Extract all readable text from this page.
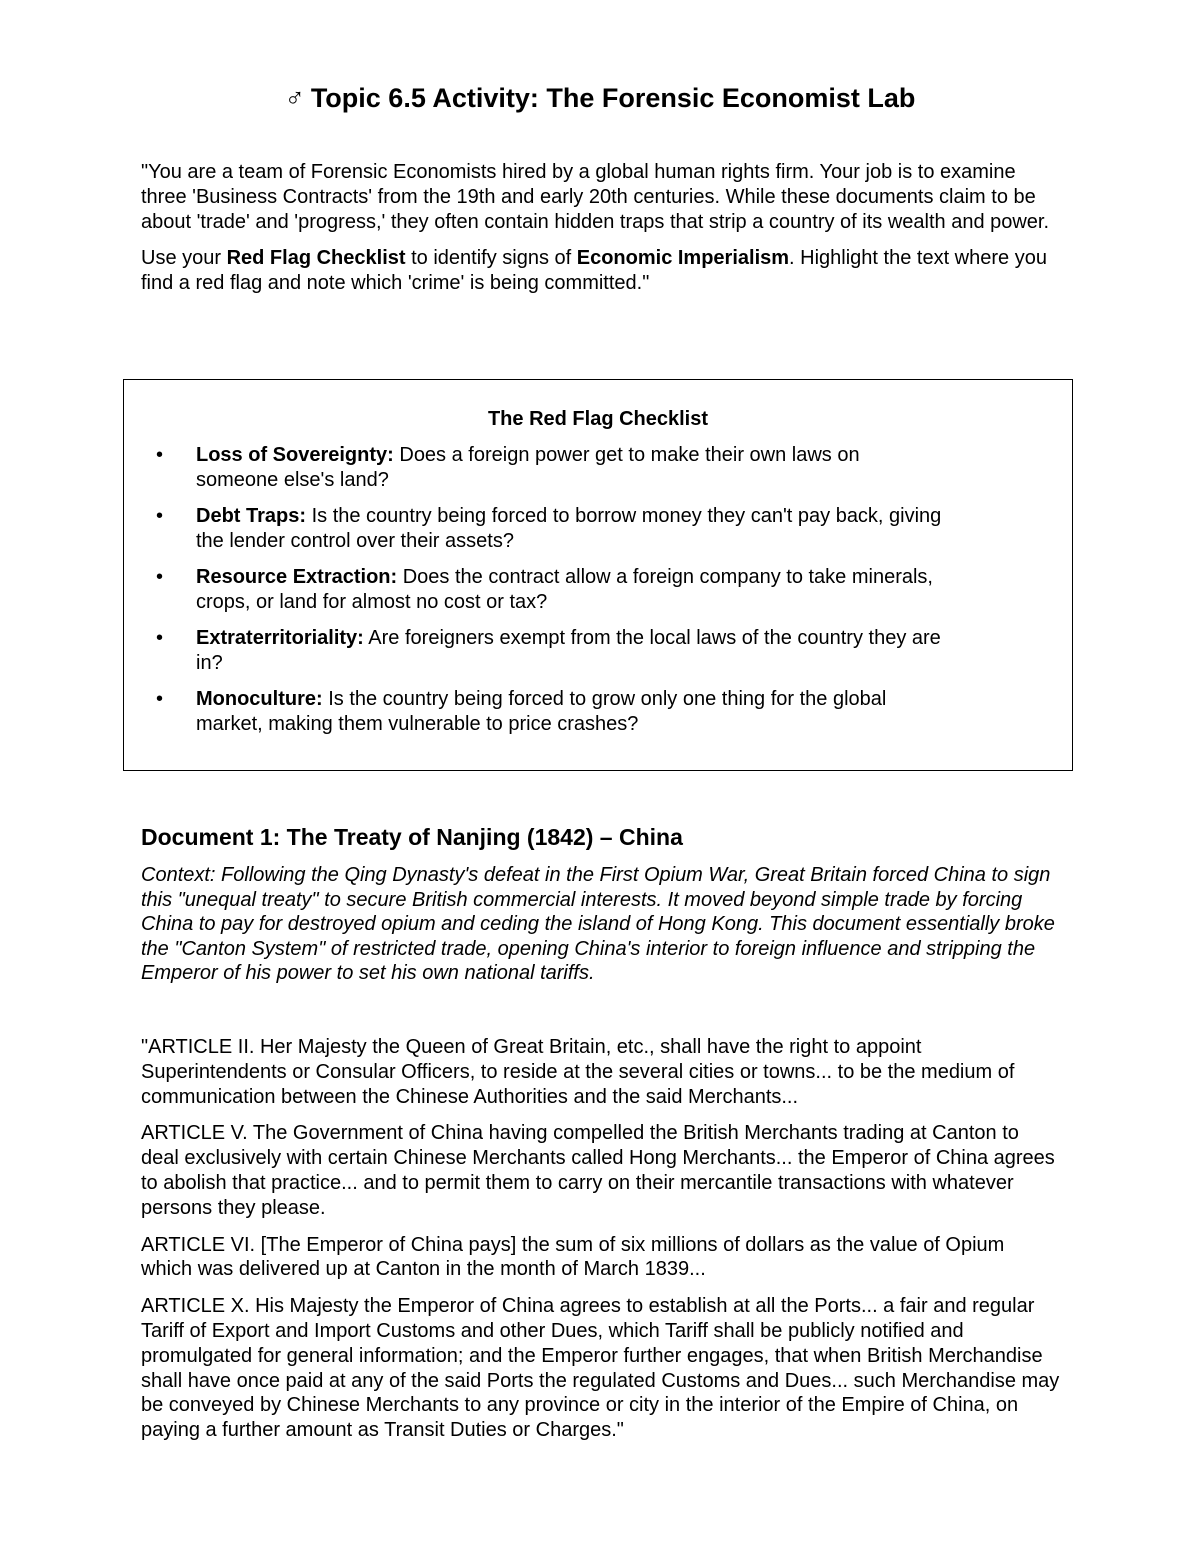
♂ Topic 6.5 Activity: The Forensic Economist Lab

"You are a team of Forensic Economists hired by a global human rights firm. Your job is to examine three 'Business Contracts' from the 19th and early 20th centuries. While these documents claim to be about 'trade' and 'progress,' they often contain hidden traps that strip a country of its wealth and power.

Use your Red Flag Checklist to identify signs of Economic Imperialism. Highlight the text where you find a red flag and note which 'crime' is being committed."

The Red Flag Checklist
• Loss of Sovereignty: Does a foreign power get to make their own laws on someone else's land?
• Debt Traps: Is the country being forced to borrow money they can't pay back, giving the lender control over their assets?
• Resource Extraction: Does the contract allow a foreign company to take minerals, crops, or land for almost no cost or tax?
• Extraterritoriality: Are foreigners exempt from the local laws of the country they are in?
• Monoculture: Is the country being forced to grow only one thing for the global market, making them vulnerable to price crashes?
Document 1: The Treaty of Nanjing (1842) – China
Context: Following the Qing Dynasty's defeat in the First Opium War, Great Britain forced China to sign this "unequal treaty" to secure British commercial interests. It moved beyond simple trade by forcing China to pay for destroyed opium and ceding the island of Hong Kong. This document essentially broke the "Canton System" of restricted trade, opening China's interior to foreign influence and stripping the Emperor of his power to set his own national tariffs.

"ARTICLE II. Her Majesty the Queen of Great Britain, etc., shall have the right to appoint Superintendents or Consular Officers, to reside at the several cities or towns... to be the medium of communication between the Chinese Authorities and the said Merchants...

ARTICLE V. The Government of China having compelled the British Merchants trading at Canton to deal exclusively with certain Chinese Merchants called Hong Merchants... the Emperor of China agrees to abolish that practice... and to permit them to carry on their mercantile transactions with whatever persons they please.

ARTICLE VI. [The Emperor of China pays] the sum of six millions of dollars as the value of Opium which was delivered up at Canton in the month of March 1839...

ARTICLE X. His Majesty the Emperor of China agrees to establish at all the Ports... a fair and regular Tariff of Export and Import Customs and other Dues, which Tariff shall be publicly notified and promulgated for general information; and the Emperor further engages, that when British Merchandise shall have once paid at any of the said Ports the regulated Customs and Dues... such Merchandise may be conveyed by Chinese Merchants to any province or city in the interior of the Empire of China, on paying a further amount as Transit Duties or Charges."
